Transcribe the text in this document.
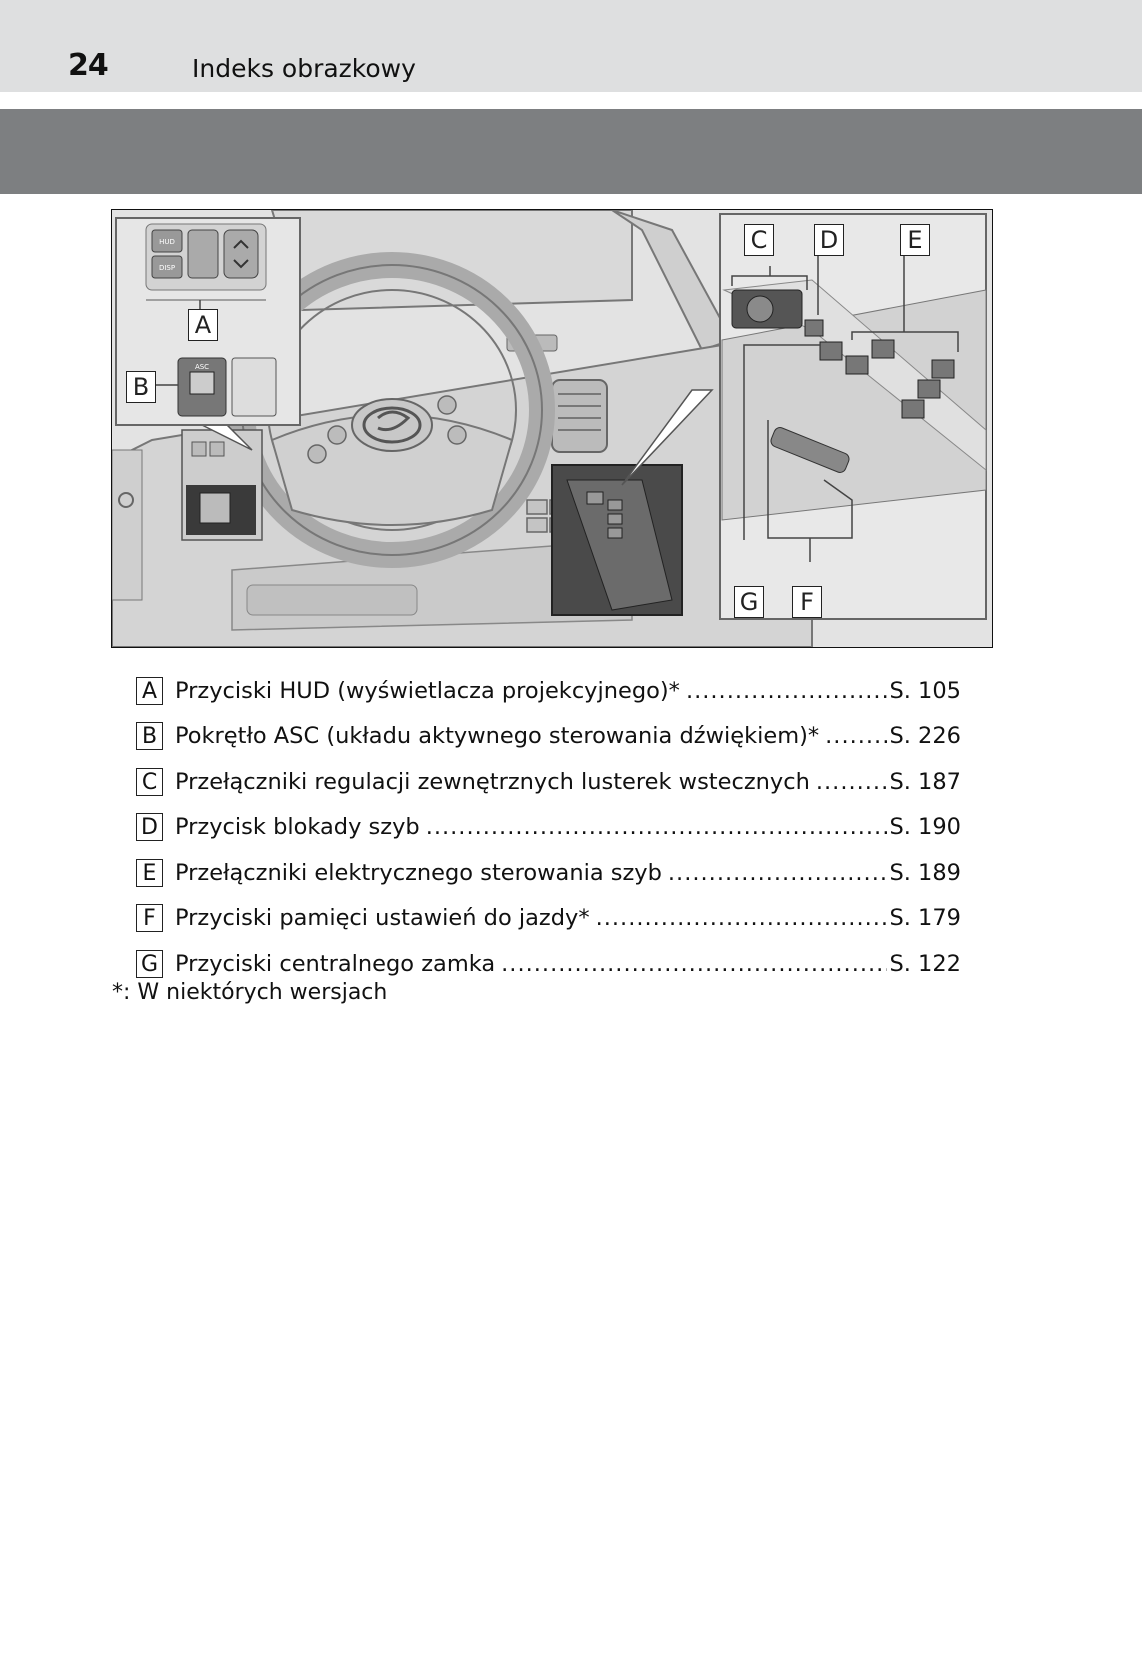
24	Indeks obrazkowy
HUD
DISP
ASC
A
B
C D	E
G	F
A Przyciski HUD (wyświetlacza projekcyjnego)* .....	S. 105
B Pokrętło ASC (układu aktywnego sterowania dźwiękiem)* .....	S. 226
C Przełączniki regulacji zewnętrznych lusterek wstecznych .....	S. 187
D Przycisk blokady szyb .....	S. 190
E Przełączniki elektrycznego sterowania szyb .....	S. 189
F Przyciski pamięci ustawień do jazdy* .....	S. 179
G Przyciski centralnego zamka .....	S. 122
*: W niektórych wersjach
